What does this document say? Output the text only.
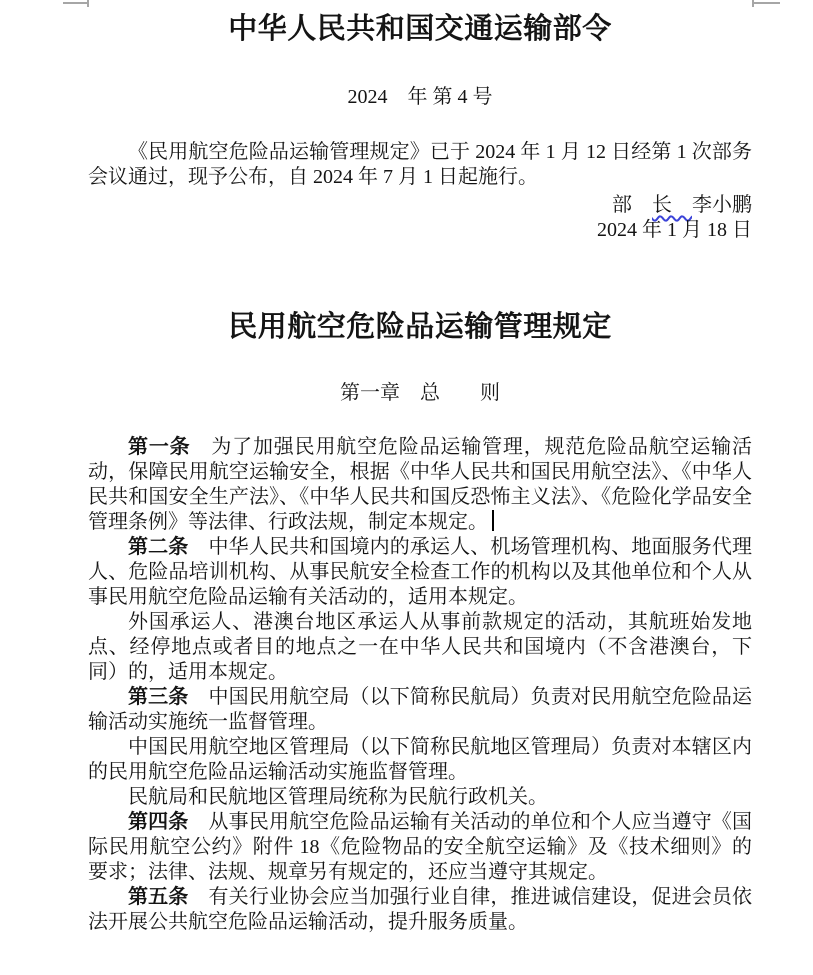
中华人民共和国交通运输部令
2024　年 第 4 号

《民用航空危险品运输管理规定》已于 2024 年 1 月 12 日经第 1 次部务会议通过，现予公布，自 2024 年 7 月 1 日起施行。

部　长　李小鹏
2024 年 1 月 18 日
民用航空危险品运输管理规定
第一章　总　　则

第一条　为了加强民用航空危险品运输管理，规范危险品航空运输活动，保障民用航空运输安全，根据《中华人民共和国民用航空法》、《中华人民共和国安全生产法》、《中华人民共和国反恐怖主义法》、《危险化学品安全管理条例》等法律、行政法规，制定本规定。

第二条　中华人民共和国境内的承运人、机场管理机构、地面服务代理人、危险品培训机构、从事民航安全检查工作的机构以及其他单位和个人从事民用航空危险品运输有关活动的，适用本规定。

外国承运人、港澳台地区承运人从事前款规定的活动，其航班始发地点、经停地点或者目的地点之一在中华人民共和国境内（不含港澳台，下同）的，适用本规定。

第三条　中国民用航空局（以下简称民航局）负责对民用航空危险品运输活动实施统一监督管理。

中国民用航空地区管理局（以下简称民航地区管理局）负责对本辖区内的民用航空危险品运输活动实施监督管理。

民航局和民航地区管理局统称为民航行政机关。

第四条　从事民用航空危险品运输有关活动的单位和个人应当遵守《国际民用航空公约》附件 18《危险物品的安全航空运输》及《技术细则》的要求；法律、法规、规章另有规定的，还应当遵守其规定。

第五条　有关行业协会应当加强行业自律，推进诚信建设，促进会员依法开展公共航空危险品运输活动，提升服务质量。
